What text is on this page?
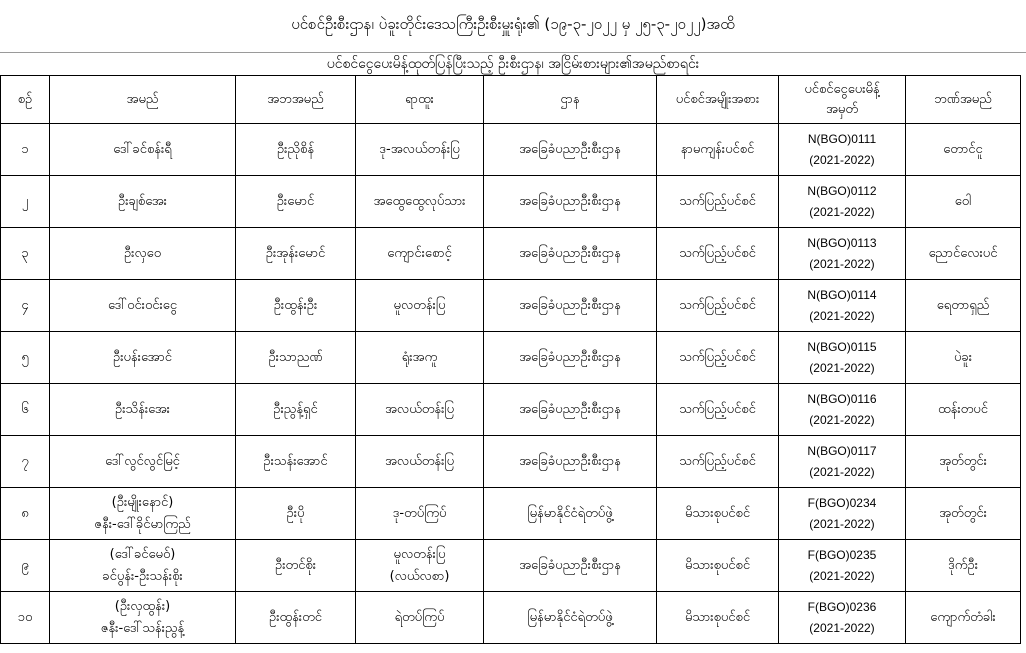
ပင်စင်ဦးစီးဌာန၊ ပဲခူးတိုင်းဒေသကြီးဦးစီးမှူးရုံး၏ (၁၉-၃-၂၀၂၂ မှ ၂၅-၃-၂၀၂၂)အထိ
ပင်စင်ငွေပေးမိန့်ထုတ်ပြန်ပြီးသည့် ဦးစီးဌာန၊ အငြိမ်းစားများ၏အမည်စာရင်း
စဉ်	အမည်	အဘအမည်	ရာထူး	ဌာန	ပင်စင်အမျိုးအစား	ပင်စင်ငွေပေးမိန့်
အမှတ်	ဘဏ်အမည်
၁	ဒေါ်ခင်စန်းရီ	ဦးညိုစိန်	ဒု-အလယ်တန်းပြ	အခြေခံပညာဦးစီးဌာန	နာမကျန်းပင်စင်	N(BGO)0111
(2021-2022)	တောင်ငူ
၂	ဦးချစ်အေး	ဦးမောင်	အထွေထွေလုပ်သား	အခြေခံပညာဦးစီးဌာန	သက်ပြည့်ပင်စင်	N(BGO)0112
(2021-2022)	ဝေါ
၃	ဦးလှဝေ	ဦးအုန်းမောင်	ကျောင်းစောင့်	အခြေခံပညာဦးစီးဌာန	သက်ပြည့်ပင်စင်	N(BGO)0113
(2021-2022)	ညောင်လေးပင်
၄	ဒေါ်ဝင်းဝင်းငွေ	ဦးထွန်းဦး	မူလတန်းပြ	အခြေခံပညာဦးစီးဌာန	သက်ပြည့်ပင်စင်	N(BGO)0114
(2021-2022)	ရေတာရှည်
၅	ဦးပန်းအောင်	ဦးသာညဏ်	ရုံးအကူ	အခြေခံပညာဦးစီးဌာန	သက်ပြည့်ပင်စင်	N(BGO)0115
(2021-2022)	ပဲခူး
၆	ဦးသိန်းအေး	ဦးညွန့်ရှင်	အလယ်တန်းပြ	အခြေခံပညာဦးစီးဌာန	သက်ပြည့်ပင်စင်	N(BGO)0116
(2021-2022)	ထန်းတပင်
၇	ဒေါ်လွင်လွင်မြင့်	ဦးသန်းအောင်	အလယ်တန်းပြ	အခြေခံပညာဦးစီးဌာန	သက်ပြည့်ပင်စင်	N(BGO)0117
(2021-2022)	အုတ်တွင်း
၈	(ဦးမျိုးနောင်)
ဇနီး-ဒေါ်ခိုင်မာကြည်	ဦးပို	ဒု-တပ်ကြပ်	မြန်မာနိုင်ငံရဲတပ်ဖွဲ့	မိသားစုပင်စင်	F(BGO)0234
(2021-2022)	အုတ်တွင်း
၉	(ဒေါ်ခင်မေဝ်)
ခင်ပွန်း-ဦးသန်းစိုး	ဦးတင်စိုး	မူလတန်းပြ
(လယ်လစာ)	အခြေခံပညာဦးစီးဌာန	မိသားစုပင်စင်	F(BGO)0235
(2021-2022)	ဒိုက်ဦး
၁၀	(ဦးလှထွန်း)
ဇနီး-ဒေါ်သန်းညွန့်	ဦးထွန်းတင်	ရဲတပ်ကြပ်	မြန်မာနိုင်ငံရဲတပ်ဖွဲ့	မိသားစုပင်စင်	F(BGO)0236
(2021-2022)	ကျောက်တံခါး
